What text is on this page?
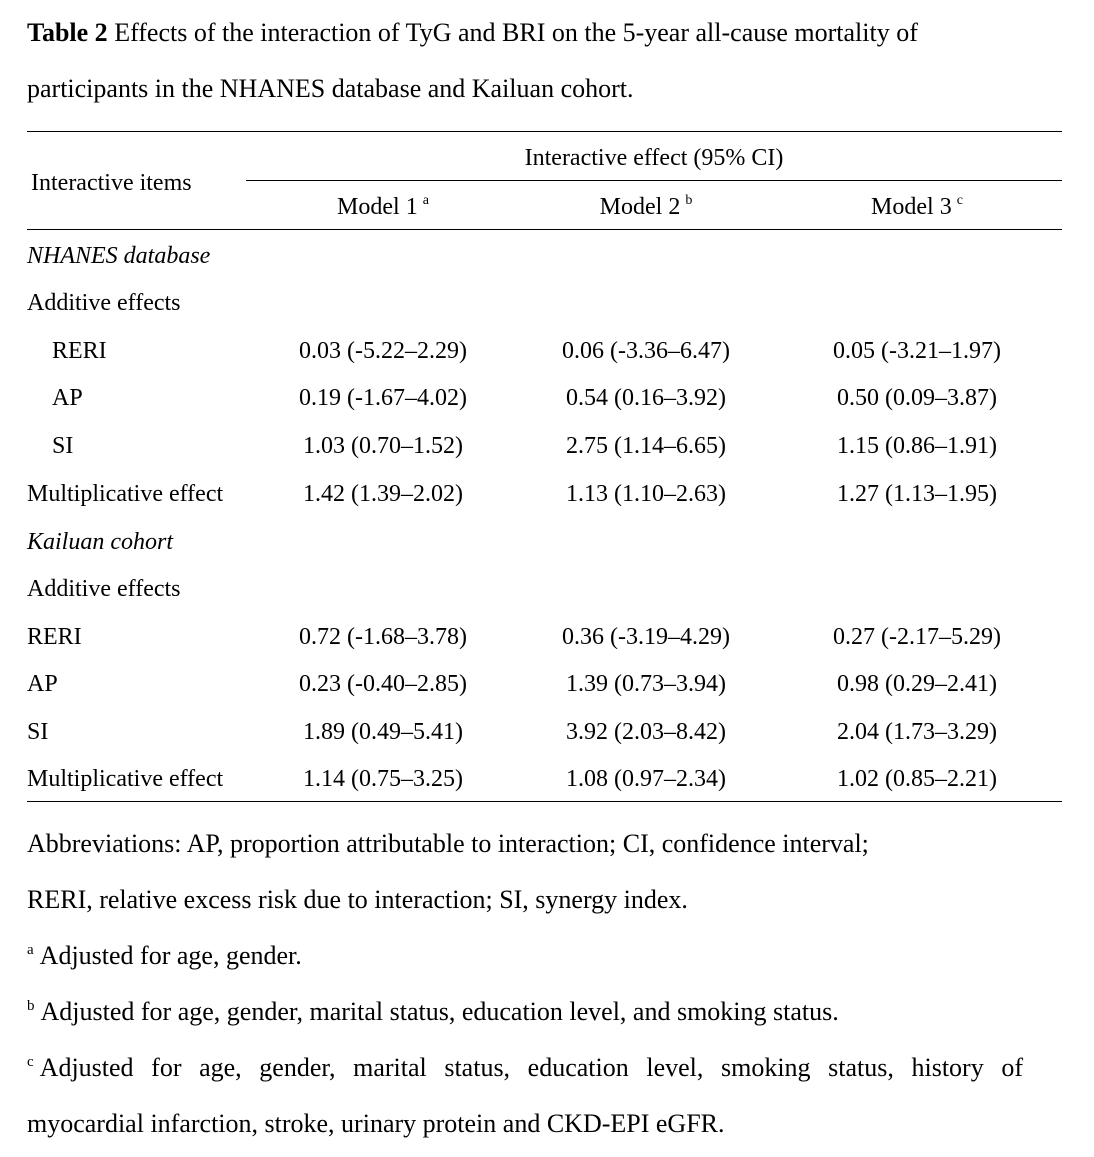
Table 2 Effects of the interaction of TyG and BRI on the 5-year all-cause mortality of
participants in the NHANES database and Kailuan cohort.
Interactive items
Interactive effect (95% CI)
Model 1 $^a$	Model 2 $^b$	Model 3 $^c$
NHANES database
Additive effects
RERI	0.03 (-5.22–2.29)	0.06 (-3.36–6.47)	0.05 (-3.21–1.97)
AP	0.19 (-1.67–4.02)	0.54 (0.16–3.92)	0.50 (0.09–3.87)
SI	1.03 (0.70–1.52)	2.75 (1.14–6.65)	1.15 (0.86–1.91)
Multiplicative effect	1.42 (1.39–2.02)	1.13 (1.10–2.63)	1.27 (1.13–1.95)
Kailuan cohort
Additive effects
RERI	0.72 (-1.68–3.78)	0.36 (-3.19–4.29)	0.27 (-2.17–5.29)
AP	0.23 (-0.40–2.85)	1.39 (0.73–3.94)	0.98 (0.29–2.41)
SI	1.89 (0.49–5.41)	3.92 (2.03–8.42)	2.04 (1.73–3.29)
Multiplicative effect	1.14 (0.75–3.25)	1.08 (0.97–2.34)	1.02 (0.85–2.21)
Abbreviations: AP, proportion attributable to interaction; CI, confidence interval;
RERI, relative excess risk due to interaction; SI, synergy index.
$^a$ Adjusted for age, gender.
$^b$ Adjusted for age, gender, marital status, education level, and smoking status.
$^c$ Adjusted for age, gender, marital status, education level, smoking status, history of
myocardial infarction, stroke, urinary protein and CKD-EPI eGFR.
